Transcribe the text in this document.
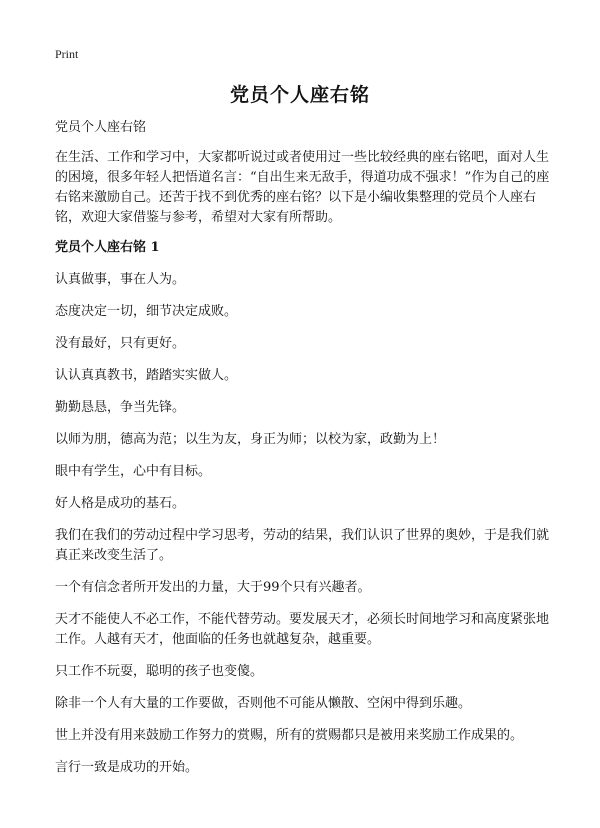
Print
党员个人座右铭

党员个人座右铭

在生活、工作和学习中，大家都听说过或者使用过一些比较经典的座右铭吧，面对人生的困境，很多年轻人把悟道名言：“自出生来无敌手，得道功成不强求！”作为自己的座右铭来激励自己。还苦于找不到优秀的座右铭？以下是小编收集整理的党员个人座右铭，欢迎大家借鉴与参考，希望对大家有所帮助。

党员个人座右铭 1

认真做事，事在人为。

态度决定一切，细节决定成败。

没有最好，只有更好。

认认真真教书，踏踏实实做人。

勤勤恳恳，争当先锋。

以师为朋，德高为范；以生为友，身正为师；以校为家，政勤为上！

眼中有学生，心中有目标。

好人格是成功的基石。

我们在我们的劳动过程中学习思考，劳动的结果，我们认识了世界的奥妙，于是我们就真正来改变生活了。

一个有信念者所开发出的力量，大于99个只有兴趣者。

天才不能使人不必工作，不能代替劳动。要发展天才，必须长时间地学习和高度紧张地工作。人越有天才，他面临的任务也就越复杂，越重要。

只工作不玩耍，聪明的孩子也变傻。

除非一个人有大量的工作要做，否则他不可能从懒散、空闲中得到乐趣。

世上并没有用来鼓励工作努力的赏赐，所有的赏赐都只是被用来奖励工作成果的。

言行一致是成功的开始。
